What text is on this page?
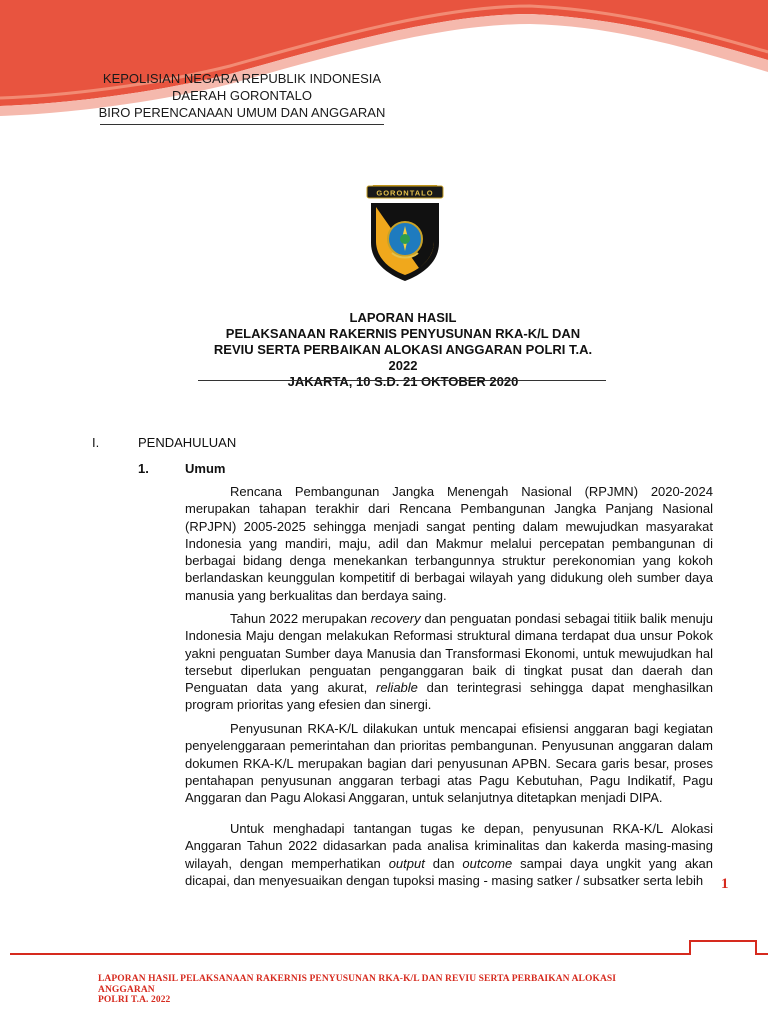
KEPOLISIAN NEGARA REPUBLIK INDONESIA
DAERAH GORONTALO
BIRO PERENCANAAN UMUM DAN ANGGARAN
GORONTALO
LAPORAN HASIL
PELAKSANAAN RAKERNIS PENYUSUNAN RKA-K/L DAN
REVIU SERTA PERBAIKAN ALOKASI ANGGARAN POLRI T.A. 2022
JAKARTA, 10 S.D. 21 OKTOBER 2020
I.	PENDAHULUAN
1.	Umum

Rencana Pembangunan Jangka Menengah Nasional (RPJMN) 2020-2024 merupakan tahapan terakhir dari Rencana Pembangunan Jangka Panjang Nasional (RPJPN) 2005-2025 sehingga menjadi sangat penting dalam mewujudkan masyarakat Indonesia yang mandiri, maju, adil dan Makmur melalui percepatan pembangunan di berbagai bidang denga menekankan terbangunnya struktur perekonomian yang kokoh berlandaskan keunggulan kompetitif di berbagai wilayah yang didukung oleh sumber daya manusia yang berkualitas dan berdaya saing.

Tahun 2022 merupakan recovery dan penguatan pondasi sebagai titiik balik menuju Indonesia Maju dengan melakukan Reformasi struktural dimana terdapat dua unsur Pokok yakni penguatan Sumber daya Manusia dan Transformasi Ekonomi, untuk mewujudkan hal tersebut diperlukan penguatan penganggaran baik di tingkat pusat dan daerah dan Penguatan data yang akurat, reliable dan terintegrasi sehingga dapat menghasilkan program prioritas yang efesien dan sinergi.

Penyusunan RKA-K/L dilakukan untuk mencapai efisiensi anggaran bagi kegiatan penyelenggaraan pemerintahan dan prioritas pembangunan. Penyusunan anggaran dalam dokumen RKA-K/L merupakan bagian dari penyusunan APBN. Secara garis besar, proses pentahapan penyusunan anggaran terbagi atas Pagu Kebutuhan, Pagu Indikatif, Pagu Anggaran dan Pagu Alokasi Anggaran, untuk selanjutnya ditetapkan menjadi DIPA.

Untuk menghadapi tantangan tugas ke depan, penyusunan RKA-K/L Alokasi Anggaran Tahun 2022 didasarkan pada analisa kriminalitas dan kakerda masing-masing wilayah, dengan memperhatikan output dan outcome sampai daya ungkit yang akan dicapai, dan menyesuaikan dengan tupoksi masing - masing satker / subsatker serta lebih	1
LAPORAN HASIL PELAKSANAAN RAKERNIS PENYUSUNAN RKA-K/L DAN REVIU SERTA PERBAIKAN ALOKASI ANGGARAN
POLRI T.A. 2022
